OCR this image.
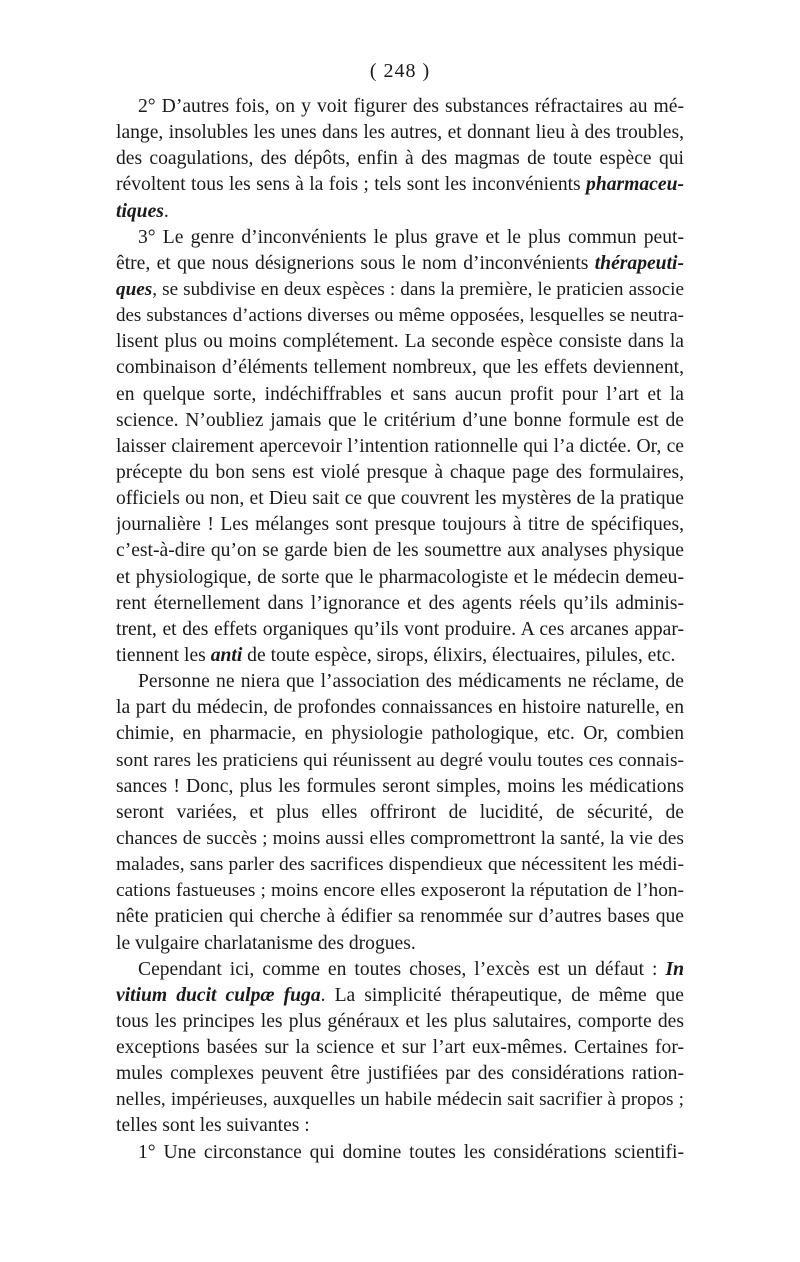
( 248 )
2° D’autres fois, on y voit figurer des substances réfractaires au mé-
lange, insolubles les unes dans les autres, et donnant lieu à des troubles,
des coagulations, des dépôts, enfin à des magmas de toute espèce qui
révoltent tous les sens à la fois ; tels sont les inconvénients pharmaceu-
tiques.
3° Le genre d’inconvénients le plus grave et le plus commun peut-
être, et que nous désignerions sous le nom d’inconvénients thérapeuti-
ques, se subdivise en deux espèces : dans la première, le praticien associe
des substances d’actions diverses ou même opposées, lesquelles se neutra-
lisent plus ou moins complétement. La seconde espèce consiste dans la
combinaison d’éléments tellement nombreux, que les effets deviennent,
en quelque sorte, indéchiffrables et sans aucun profit pour l’art et la
science. N’oubliez jamais que le critérium d’une bonne formule est de
laisser clairement apercevoir l’intention rationnelle qui l’a dictée. Or, ce
précepte du bon sens est violé presque à chaque page des formulaires,
officiels ou non, et Dieu sait ce que couvrent les mystères de la pratique
journalière ! Les mélanges sont presque toujours à titre de spécifiques,
c’est-à-dire qu’on se garde bien de les soumettre aux analyses physique
et physiologique, de sorte que le pharmacologiste et le médecin demeu-
rent éternellement dans l’ignorance et des agents réels qu’ils adminis-
trent, et des effets organiques qu’ils vont produire. A ces arcanes appar-
tiennent les anti de toute espèce, sirops, élixirs, électuaires, pilules, etc.
Personne ne niera que l’association des médicaments ne réclame, de
la part du médecin, de profondes connaissances en histoire naturelle, en
chimie, en pharmacie, en physiologie pathologique, etc. Or, combien
sont rares les praticiens qui réunissent au degré voulu toutes ces connais-
sances ! Donc, plus les formules seront simples, moins les médications
seront variées, et plus elles offriront de lucidité, de sécurité, de
chances de succès ; moins aussi elles compromettront la santé, la vie des
malades, sans parler des sacrifices dispendieux que nécessitent les médi-
cations fastueuses ; moins encore elles exposeront la réputation de l’hon-
nête praticien qui cherche à édifier sa renommée sur d’autres bases que
le vulgaire charlatanisme des drogues.
Cependant ici, comme en toutes choses, l’excès est un défaut : In
vitium ducit culpæ fuga. La simplicité thérapeutique, de même que
tous les principes les plus généraux et les plus salutaires, comporte des
exceptions basées sur la science et sur l’art eux-mêmes. Certaines for-
mules complexes peuvent être justifiées par des considérations ration-
nelles, impérieuses, auxquelles un habile médecin sait sacrifier à propos ;
telles sont les suivantes :
1° Une circonstance qui domine toutes les considérations scientifi-
